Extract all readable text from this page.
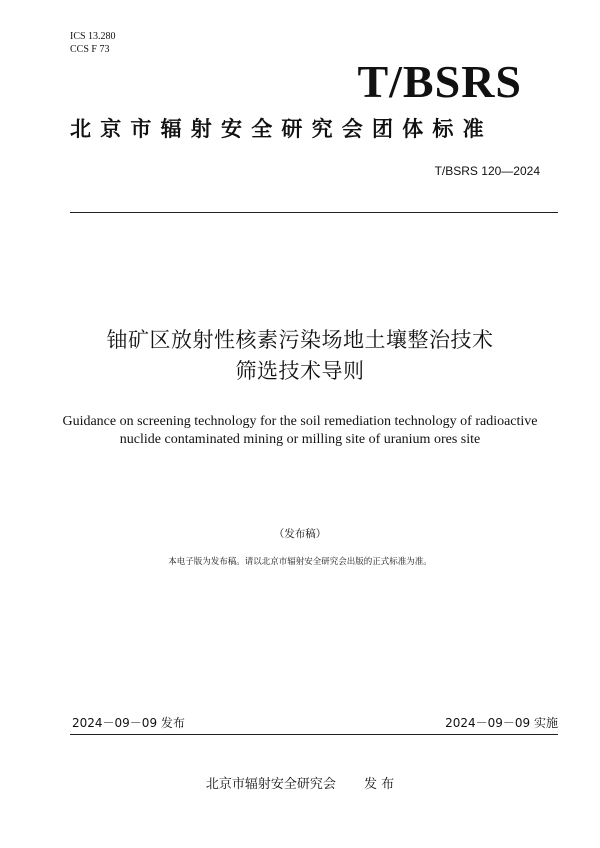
ICS 13.280
CCS F 73
T/BSRS
北京市辐射安全研究会团体标准
T/BSRS 120—2024
铀矿区放射性核素污染场地土壤整治技术
筛选技术导则
Guidance on screening technology for the soil remediation technology of radioactive
nuclide contaminated mining or milling site of uranium ores site
（发布稿）
本电子版为发布稿。请以北京市辐射安全研究会出版的正式标准为准。
2024－09－09 发布	2024－09－09 实施
北京市辐射安全研究会 发 布
